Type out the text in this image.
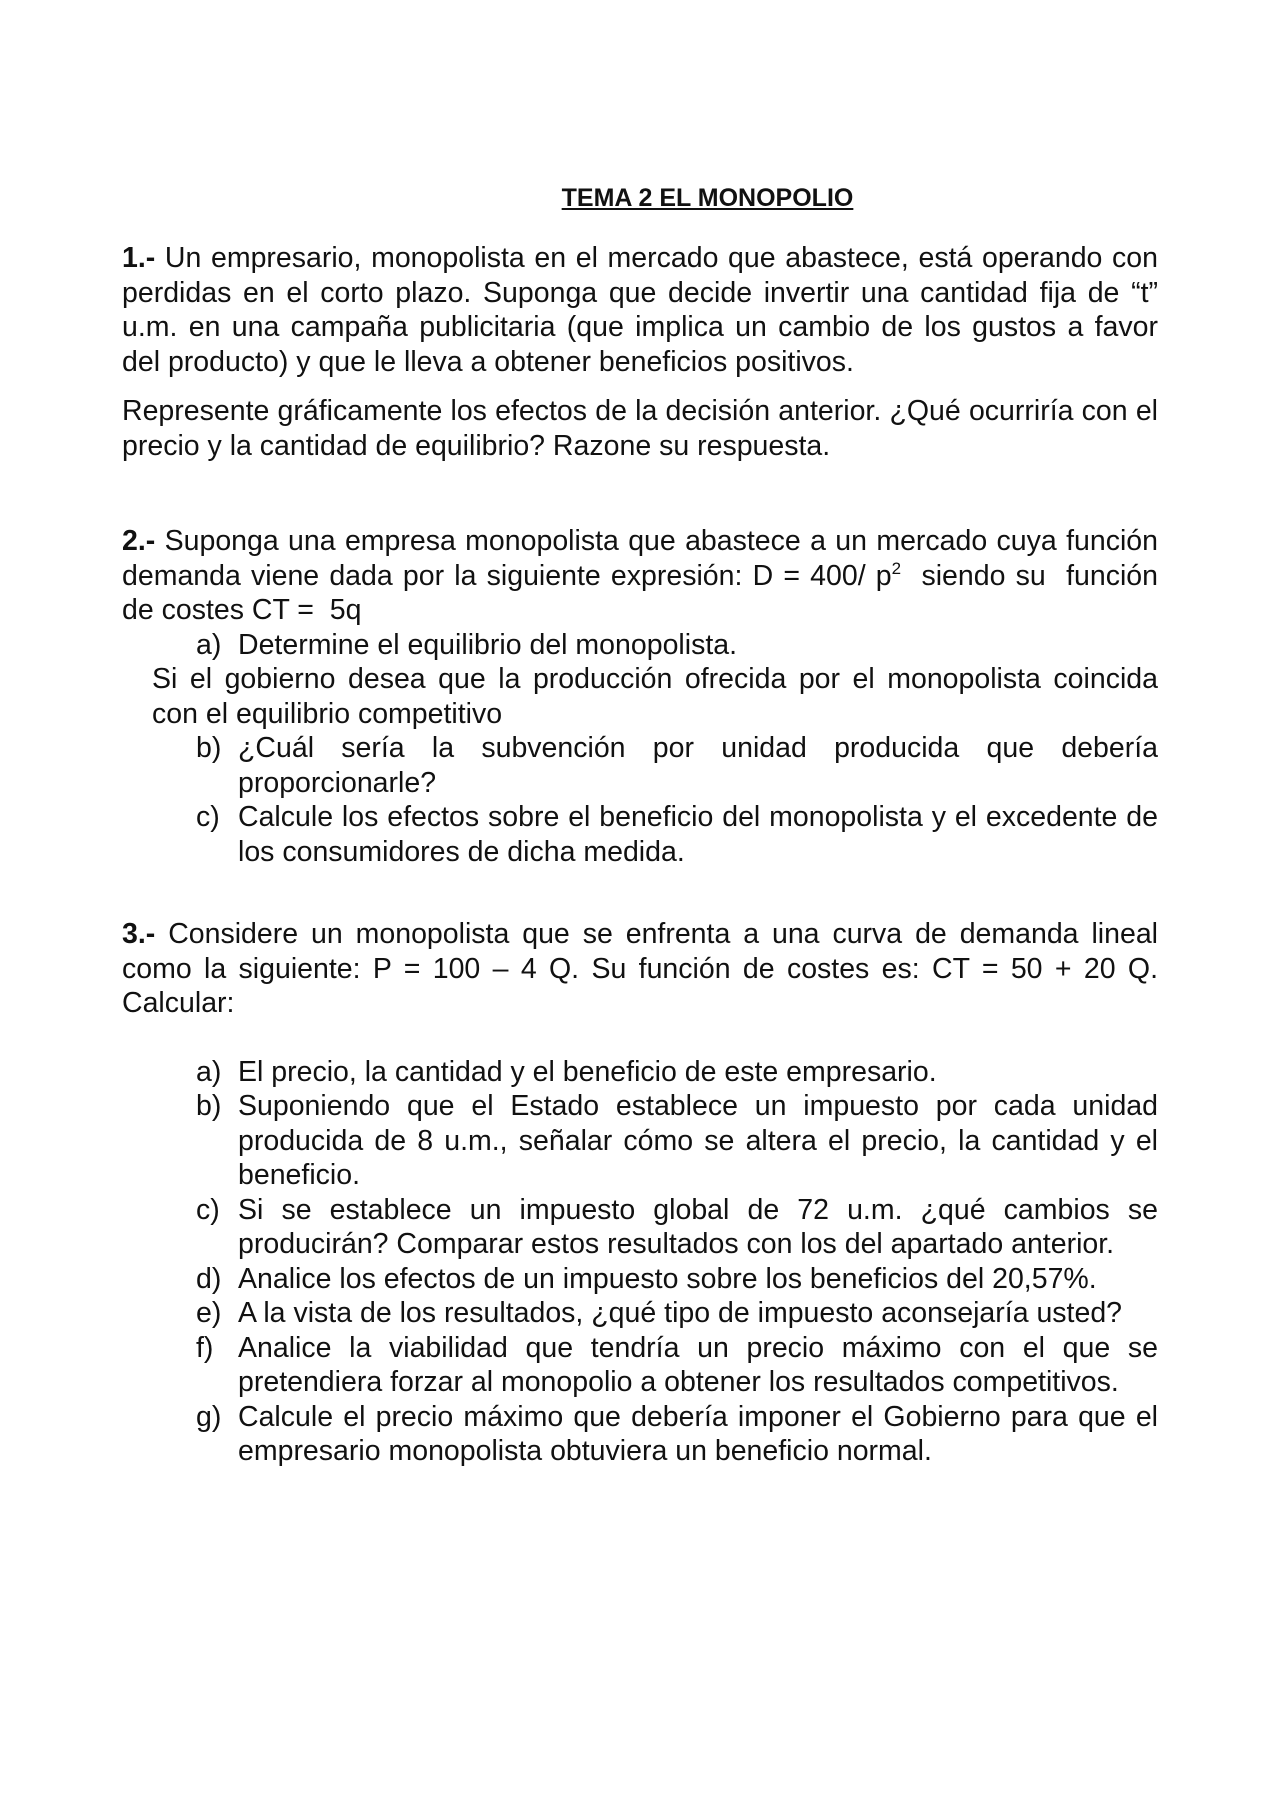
TEMA 2 EL MONOPOLIO

1.- Un empresario, monopolista en el mercado que abastece, está operando con perdidas en el corto plazo. Suponga que decide invertir una cantidad fija de “t” u.m. en una campaña publicitaria (que implica un cambio de los gustos a favor del producto) y que le lleva a obtener beneficios positivos.

Represente gráficamente los efectos de la decisión anterior. ¿Qué ocurriría con el precio y la cantidad de equilibrio? Razone su respuesta.

2.- Suponga una empresa monopolista que abastece a un mercado cuya función demanda viene dada por la siguiente expresión: D = 400/ $p^2$  siendo su  función de costes CT =  5q

a) Determine el equilibrio del monopolista.

Si el gobierno desea que la producción ofrecida por el monopolista coincida con el equilibrio competitivo

b) ¿Cuál sería la subvención por unidad producida que debería proporcionarle?
c) Calcule los efectos sobre el beneficio del monopolista y el excedente de los consumidores de dicha medida.

3.- Considere un monopolista que se enfrenta a una curva de demanda lineal como la siguiente: P = 100 – 4 Q. Su función de costes es: CT = 50 + 20 Q. Calcular:

a) El precio, la cantidad y el beneficio de este empresario.
b) Suponiendo que el Estado establece un impuesto por cada unidad producida de 8 u.m., señalar cómo se altera el precio, la cantidad y el beneficio.
c) Si se establece un impuesto global de 72 u.m. ¿qué cambios se producirán? Comparar estos resultados con los del apartado anterior.
d) Analice los efectos de un impuesto sobre los beneficios del 20,57%.
e) A la vista de los resultados, ¿qué tipo de impuesto aconsejaría usted?
f) Analice la viabilidad que tendría un precio máximo con el que se pretendiera forzar al monopolio a obtener los resultados competitivos.
g) Calcule el precio máximo que debería imponer el Gobierno para que el empresario monopolista obtuviera un beneficio normal.
